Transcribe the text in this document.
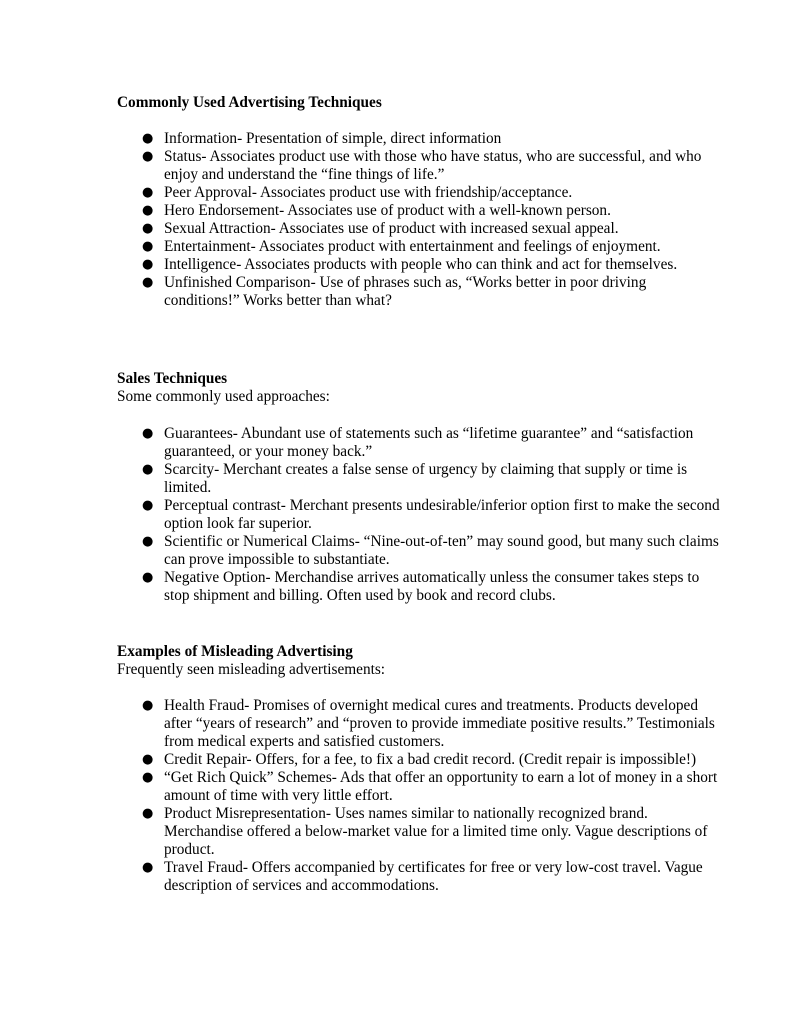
Commonly Used Advertising Techniques
● Information- Presentation of simple, direct information
● Status- Associates product use with those who have status, who are successful, and who enjoy and understand the “fine things of life.”
● Peer Approval- Associates product use with friendship/acceptance.
● Hero Endorsement- Associates use of product with a well-known person.
● Sexual Attraction- Associates use of product with increased sexual appeal.
● Entertainment- Associates product with entertainment and feelings of enjoyment.
● Intelligence- Associates products with people who can think and act for themselves.
● Unfinished Comparison- Use of phrases such as, “Works better in poor driving conditions!” Works better than what?
Sales Techniques

Some commonly used approaches:

● Guarantees- Abundant use of statements such as “lifetime guarantee” and “satisfaction guaranteed, or your money back.”
● Scarcity- Merchant creates a false sense of urgency by claiming that supply or time is limited.
● Perceptual contrast- Merchant presents undesirable/inferior option first to make the second option look far superior.
● Scientific or Numerical Claims- “Nine-out-of-ten” may sound good, but many such claims can prove impossible to substantiate.
● Negative Option- Merchandise arrives automatically unless the consumer takes steps to stop shipment and billing. Often used by book and record clubs.
Examples of Misleading Advertising

Frequently seen misleading advertisements:

● Health Fraud- Promises of overnight medical cures and treatments. Products developed after “years of research” and “proven to provide immediate positive results.” Testimonials from medical experts and satisfied customers.
● Credit Repair- Offers, for a fee, to fix a bad credit record. (Credit repair is impossible!)
● “Get Rich Quick” Schemes- Ads that offer an opportunity to earn a lot of money in a short amount of time with very little effort.
● Product Misrepresentation- Uses names similar to nationally recognized brand. Merchandise offered a below-market value for a limited time only. Vague descriptions of product.
● Travel Fraud- Offers accompanied by certificates for free or very low-cost travel. Vague description of services and accommodations.
